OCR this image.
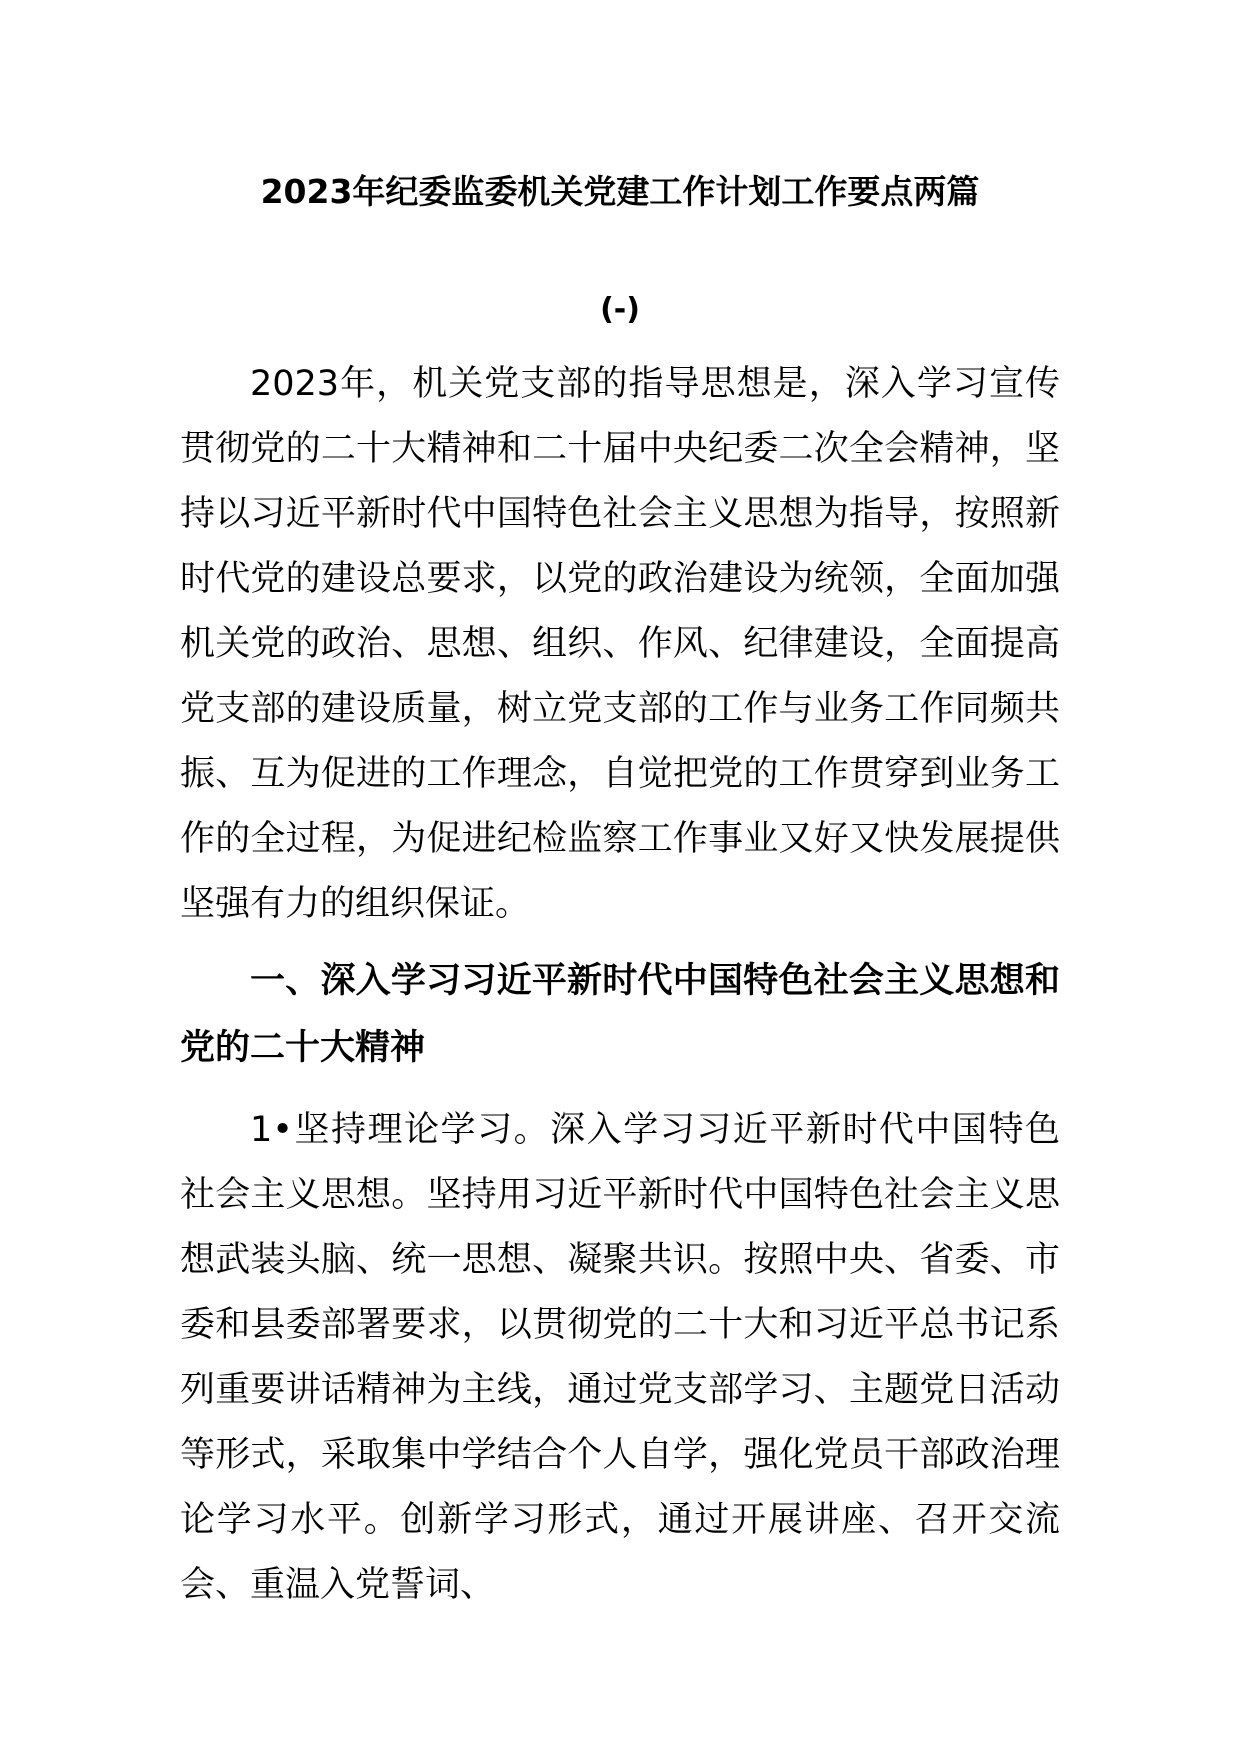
2023年纪委监委机关党建工作计划工作要点两篇
(-)

2023年，机关党支部的指导思想是，深入学习宣传贯彻党的二十大精神和二十届中央纪委二次全会精神，坚持以习近平新时代中国特色社会主义思想为指导，按照新时代党的建设总要求，以党的政治建设为统领，全面加强机关党的政治、思想、组织、作风、纪律建设，全面提高党支部的建设质量，树立党支部的工作与业务工作同频共振、互为促进的工作理念，自觉把党的工作贯穿到业务工作的全过程，为促进纪检监察工作事业又好又快发展提供坚强有力的组织保证。

一、深入学习习近平新时代中国特色社会主义思想和党的二十大精神

1•坚持理论学习。深入学习习近平新时代中国特色社会主义思想。坚持用习近平新时代中国特色社会主义思想武装头脑、统一思想、凝聚共识。按照中央、省委、市委和县委部署要求，以贯彻党的二十大和习近平总书记系列重要讲话精神为主线，通过党支部学习、主题党日活动等形式，采取集中学结合个人自学，强化党员干部政治理论学习水平。创新学习形式，通过开展讲座、召开交流会、重温入党誓词、
